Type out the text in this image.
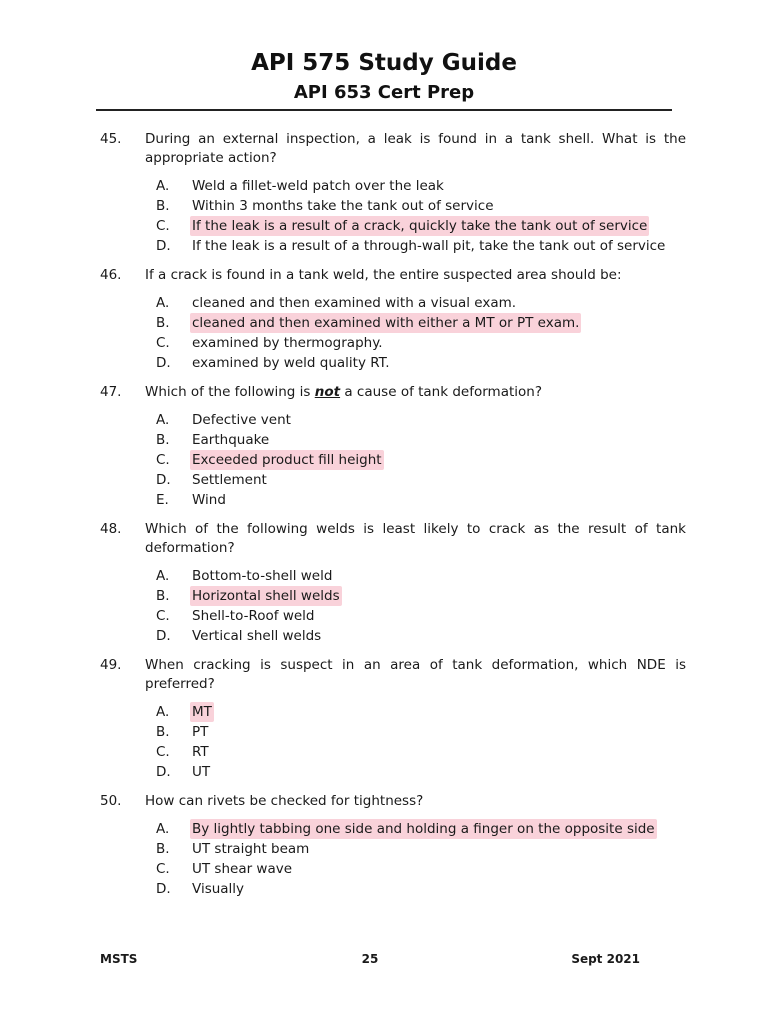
API 575 Study Guide
API 653 Cert Prep
45.	During an external inspection, a leak is found in a tank shell. What is the appropriate action?
A.	Weld a fillet-weld patch over the leak
B.	Within 3 months take the tank out of service
C.	If the leak is a result of a crack, quickly take the tank out of service
D.	If the leak is a result of a through-wall pit, take the tank out of service
46.	If a crack is found in a tank weld, the entire suspected area should be:
A.	cleaned and then examined with a visual exam.
B.	cleaned and then examined with either a MT or PT exam.
C.	examined by thermography.
D.	examined by weld quality RT.
47.	Which of the following is not a cause of tank deformation?
A.	Defective vent
B.	Earthquake
C.	Exceeded product fill height
D.	Settlement
E.	Wind
48.	Which of the following welds is least likely to crack as the result of tank deformation?
A.	Bottom-to-shell weld
B.	Horizontal shell welds
C.	Shell-to-Roof weld
D.	Vertical shell welds
49.	When cracking is suspect in an area of tank deformation, which NDE is preferred?
A.	MT
B.	PT
C.	RT
D.	UT
50.	How can rivets be checked for tightness?
A.	By lightly tabbing one side and holding a finger on the opposite side
B.	UT straight beam
C.	UT shear wave
D.	Visually
MSTS	25	Sept 2021
